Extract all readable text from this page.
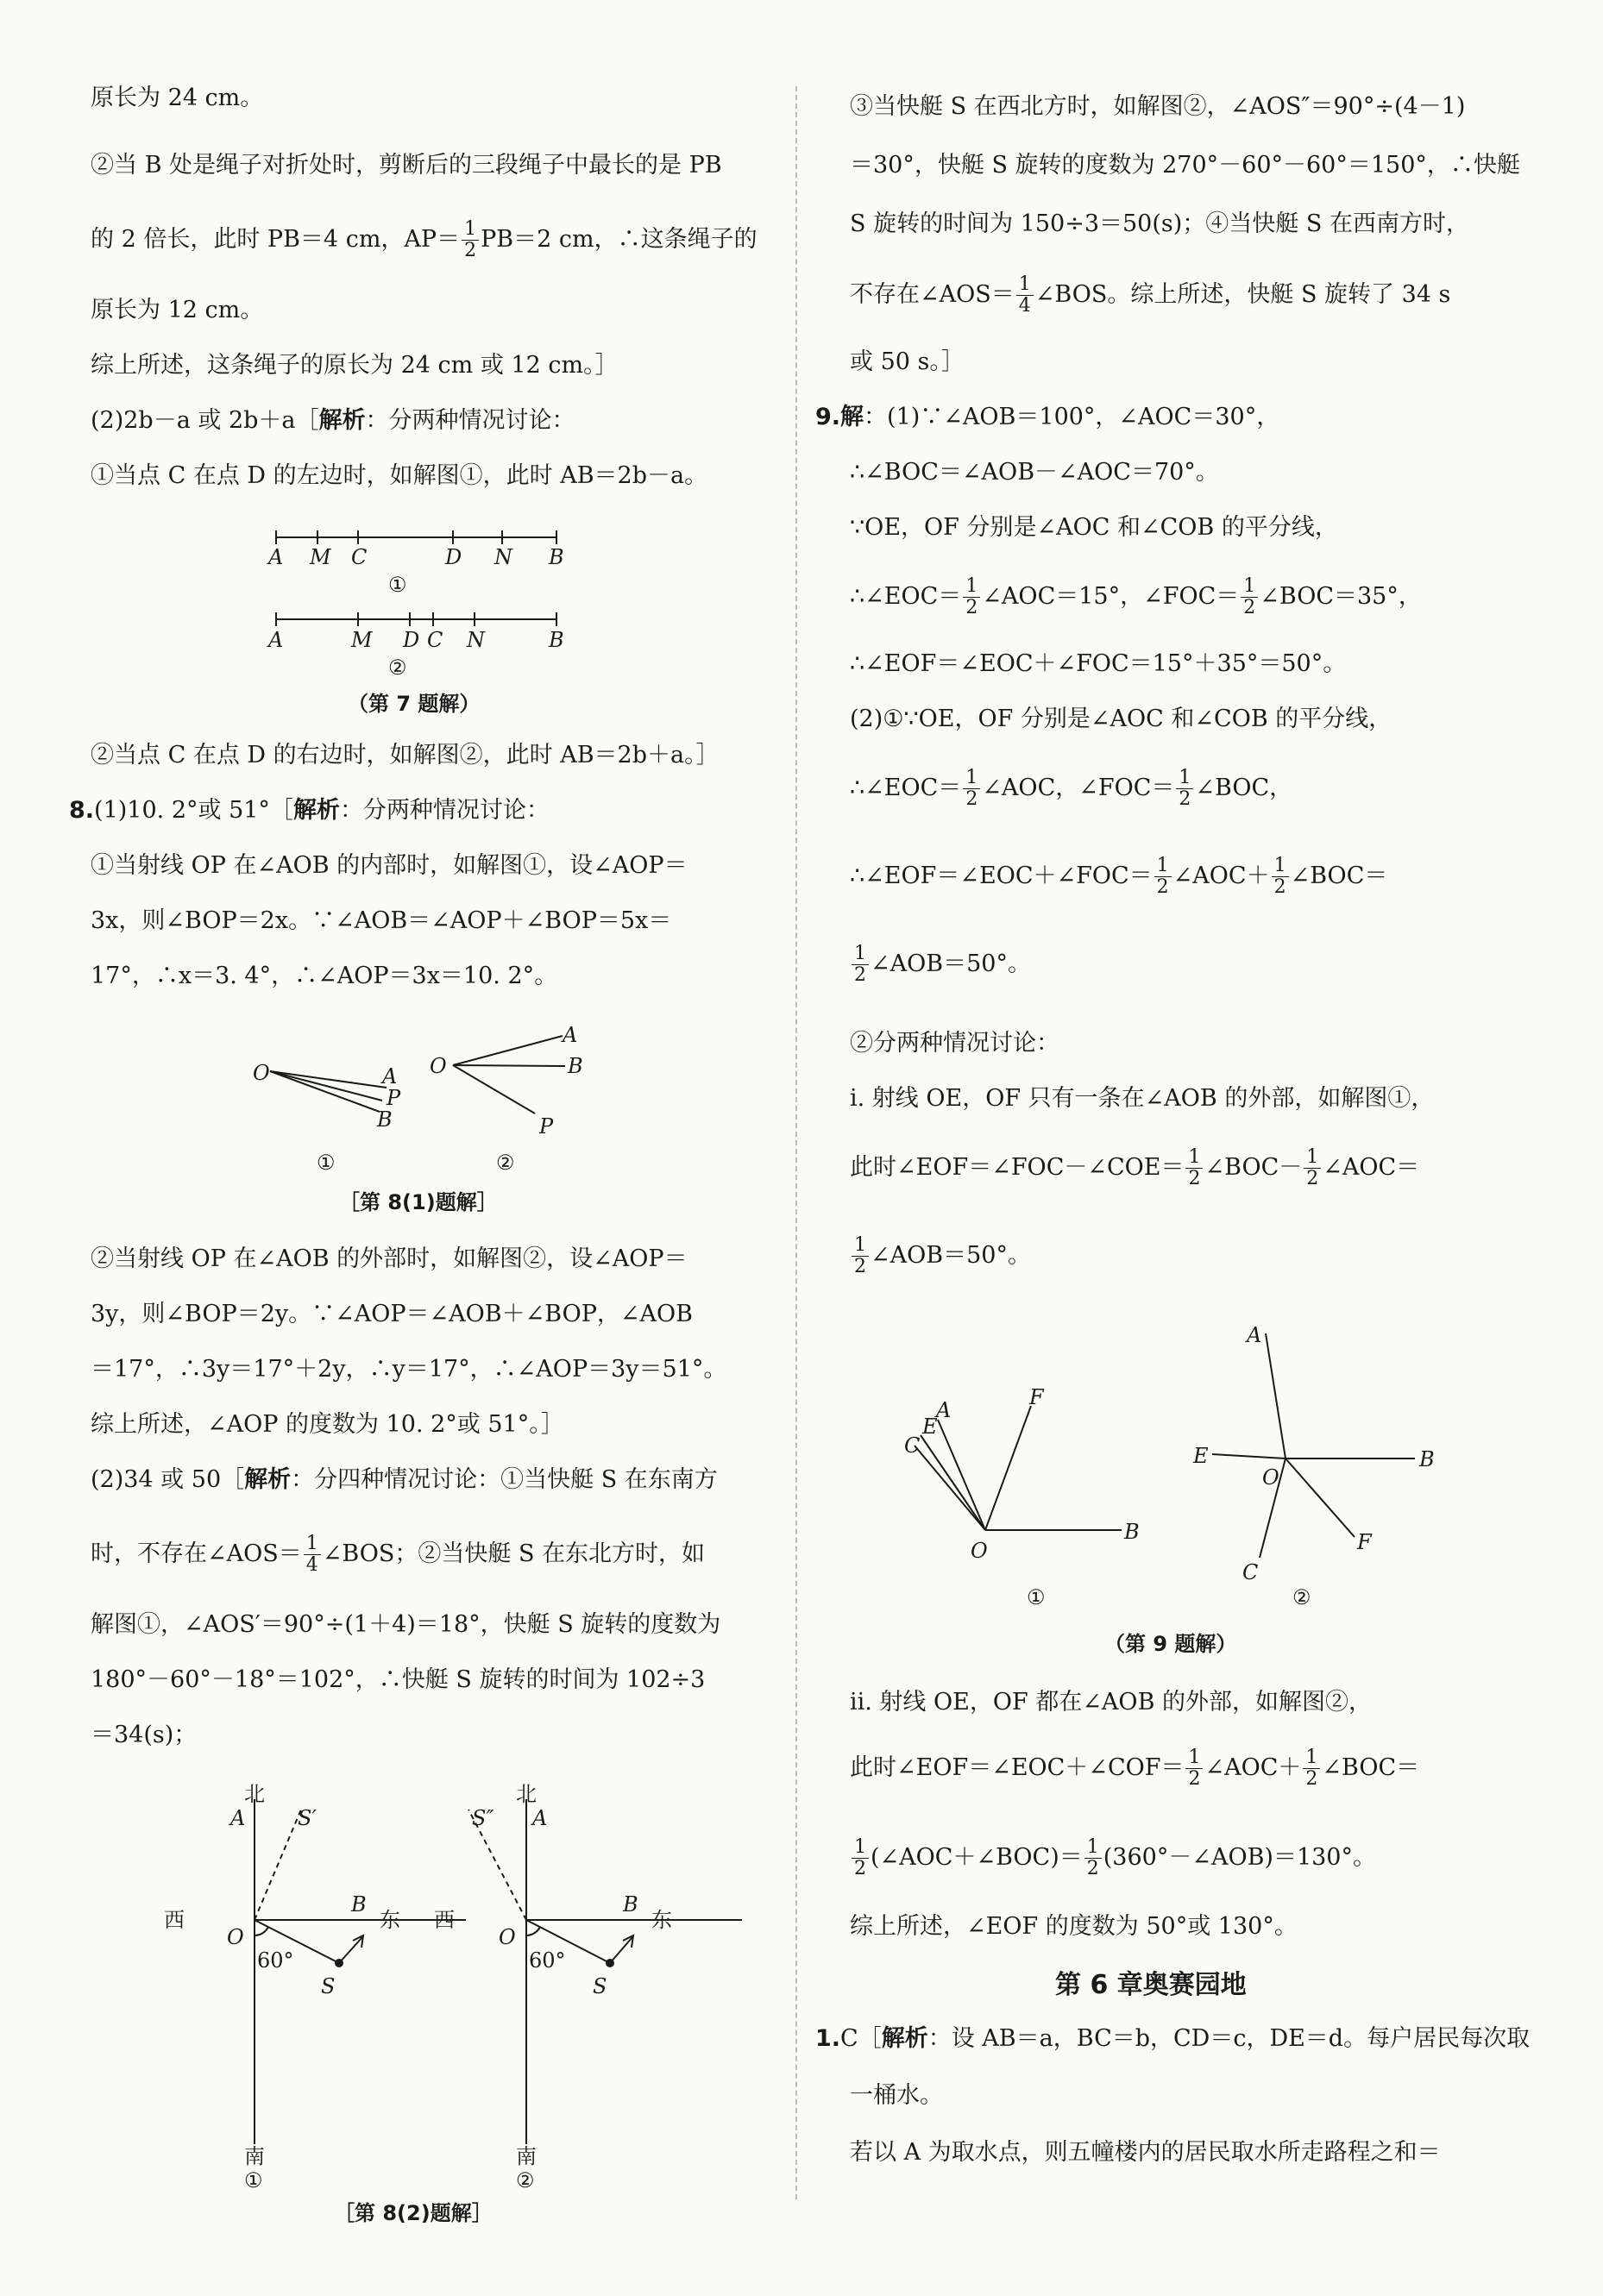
原长为 24 cm。
②当 B 处是绳子对折处时，剪断后的三段绳子中最长的是 PB
的 2 倍长，此时 PB＝4 cm，$AP= \frac{1}{2} PB=2$ cm，∴这条绳子的
原长为 12 cm。
综上所述，这条绳子的原长为 24 cm 或 12 cm。］
(2)2b－a 或 2b＋a［解析：分两种情况讨论：
①当点 C 在点 D 的左边时，如解图①，此时 AB＝2b－a。
A M C	D N B
①
A	M D C N	B
②
（第 7 题解）
②当点 C 在点 D 的右边时，如解图②，此时 AB＝2b＋a。］
8.(1)10. 2°或 51°［解析：分两种情况讨论：
①当射线 OP 在∠AOB 的内部时，如解图①，设∠AOP＝
3x，则∠BOP＝2x。∵∠AOB＝∠AOP＋∠BOP＝5x＝
17°，∴x＝3. 4°，∴∠AOP＝3x＝10. 2°。
O	A
P
B
①
O
A
B
P
②
［第 8(1)题解］
②当射线 OP 在∠AOB 的外部时，如解图②，设∠AOP＝
3y，则∠BOP＝2y。∵∠AOP＝∠AOB＋∠BOP，∠AOB
＝17°，∴3y＝17°＋2y，∴y＝17°，∴∠AOP＝3y＝51°。
综上所述，∠AOP 的度数为 10. 2°或 51°。］
(2)34 或 50［解析：分四种情况讨论：①当快艇 S 在东南方
时，不存在∠AOS＝ $\frac{1}{4}$ ∠BOS；②当快艇 S 在东北方时，如
解图①，∠AOS′＝90°÷(1＋4)＝18°，快艇 S 旋转的度数为
180°－60°－18°＝102°，∴快艇 S 旋转的时间为 102÷3
＝34(s)；
北
A	S′
西	东
O
B
60°
S
南
①
北
A
S″
西	东
O
B
60°
S
南
②
［第 8(2)题解］
③当快艇 S 在西北方时，如解图②，∠AOS″＝90°÷(4－1)
＝30°，快艇 S 旋转的度数为 270°－60°－60°＝150°，∴快艇
S 旋转的时间为 150÷3＝50(s)；④当快艇 S 在西南方时，
不存在∠AOS＝ $\frac{1}{4}$ ∠BOS。综上所述，快艇 S 旋转了 34 s
或 50 s。］
9.解：(1)∵∠AOB＝100°，∠AOC＝30°，
∴∠BOC＝∠AOB－∠AOC＝70°。
∵OE，OF 分别是∠AOC 和∠COB 的平分线，
∴∠EOC＝ $\frac{1}{2}$ ∠AOC＝15°，∠FOC＝ $\frac{1}{2}$ ∠BOC＝35°，
∴∠EOF＝∠EOC＋∠FOC＝15°＋35°＝50°。
(2)①∵OE，OF 分别是∠AOC 和∠COB 的平分线，
∴∠EOC＝ $\frac{1}{2}$ ∠AOC，∠FOC＝ $\frac{1}{2}$ ∠BOC，
∴∠EOF＝∠EOC＋∠FOC＝ $\frac{1}{2}$ ∠AOC＋ $\frac{1}{2}$ ∠BOC＝
$\frac{1}{2}$ ∠AOB＝50°。
②分两种情况讨论：
ⅰ. 射线 OE，OF 只有一条在∠AOB 的外部，如解图①，
此时∠EOF＝∠FOC－∠COE＝ $\frac{1}{2}$ ∠BOC－ $\frac{1}{2}$ ∠AOC＝
$\frac{1}{2}$ ∠AOB＝50°。
C
E
A
F
O
B
①
A
E
O
B
F
C
②
（第 9 题解）
ⅱ. 射线 OE，OF 都在∠AOB 的外部，如解图②，
此时∠EOF＝∠EOC＋∠COF＝ $\frac{1}{2}$ ∠AOC＋ $\frac{1}{2}$ ∠BOC＝
$\frac{1}{2}$ (∠AOC＋∠BOC)＝ $\frac{1}{2}$ (360°－∠AOB)＝130°。
综上所述，∠EOF 的度数为 50°或 130°。
第 6 章奥赛园地
1.C［解析：设 AB＝a，BC＝b，CD＝c，DE＝d。每户居民每次取
一桶水。
若以 A 为取水点，则五幢楼内的居民取水所走路程之和＝
